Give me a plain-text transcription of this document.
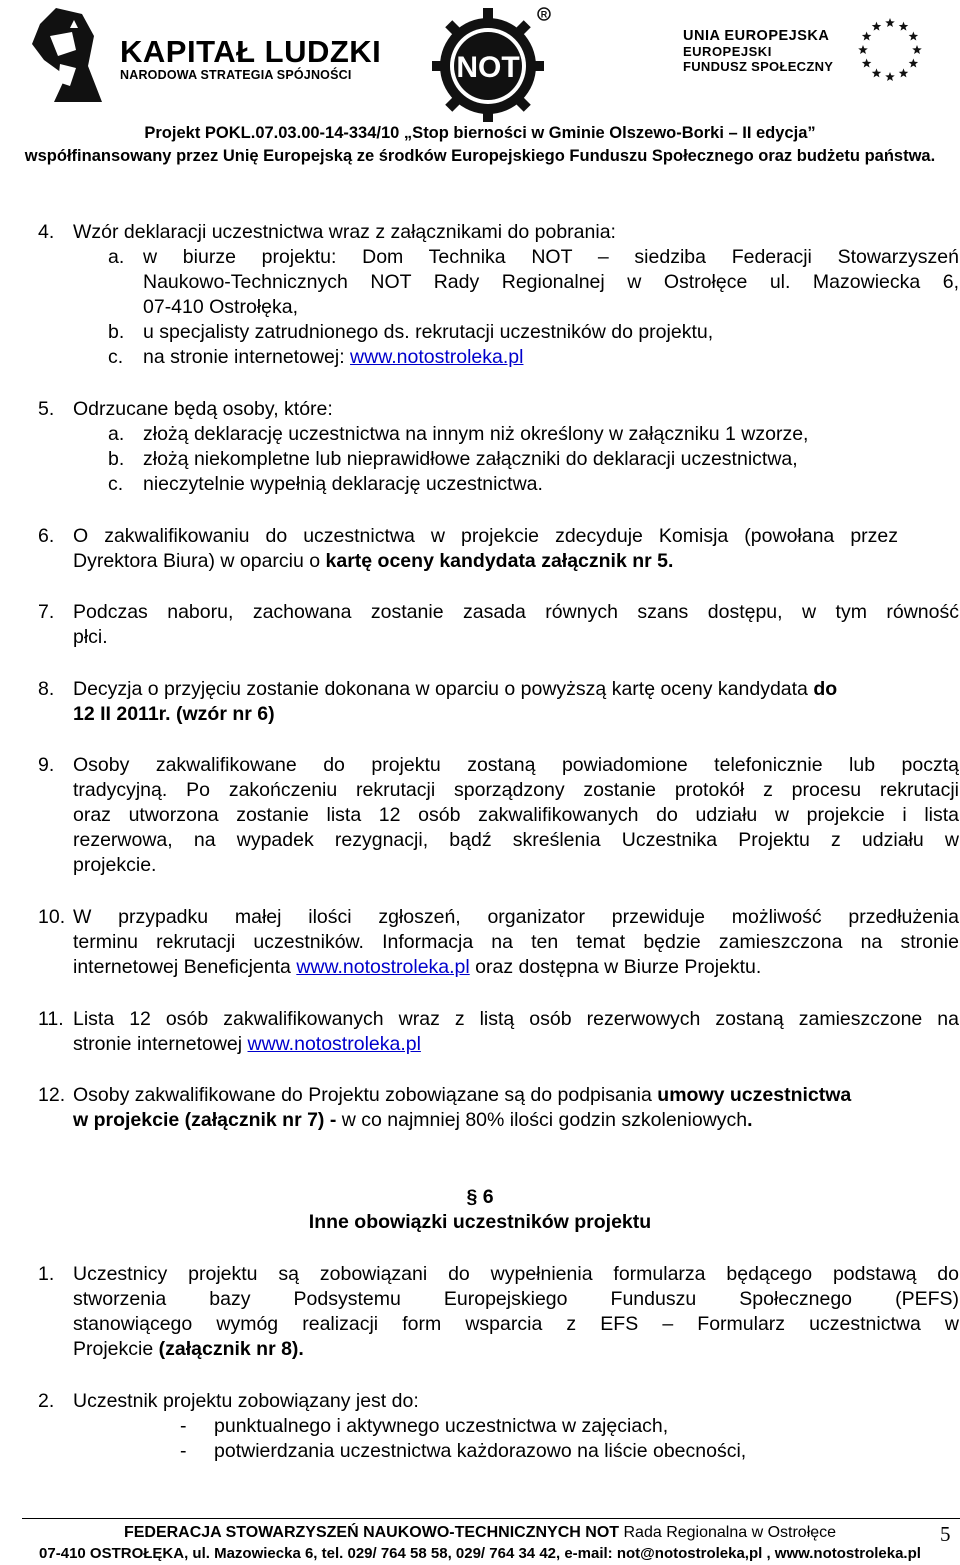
KAPITAŁ LUDZKI
NARODOWA STRATEGIA SPÓJNOŚCI	NOT
R
UNIA EUROPEJSKA
EUROPEJSKI
FUNDUSZ SPOŁECZNY
Projekt POKL.07.03.00-14-334/10 „Stop bierności w Gminie Olszewo-Borki – II edycja”
współfinansowany przez Unię Europejską ze środków Europejskiego Funduszu Społecznego oraz budżetu państwa.
4. Wzór deklaracji uczestnictwa wraz z załącznikami do pobrania:
a. w biurze projektu: Dom Technika NOT – siedziba Federacji Stowarzyszeń
Naukowo-Technicznych NOT Rady Regionalnej w Ostrołęce ul. Mazowiecka 6,
07-410 Ostrołęka,
b. u specjalisty zatrudnionego ds. rekrutacji uczestników do projektu,
c. na stronie internetowej: www.notostroleka.pl
5. Odrzucane będą osoby, które:
a. złożą deklarację uczestnictwa na innym niż określony w załączniku 1 wzorze,
b. złożą niekompletne lub nieprawidłowe załączniki do deklaracji uczestnictwa,
c. nieczytelnie wypełnią deklarację uczestnictwa.
6. O zakwalifikowaniu do uczestnictwa w projekcie zdecyduje Komisja (powołana przez
Dyrektora Biura) w oparciu o kartę oceny kandydata załącznik nr 5.
7. Podczas naboru, zachowana zostanie zasada równych szans dostępu, w tym równość
płci.
8. Decyzja o przyjęciu zostanie dokonana w oparciu o powyższą kartę oceny kandydata do
12 II 2011r. (wzór nr 6)
9. Osoby zakwalifikowane do projektu zostaną powiadomione telefonicznie lub pocztą
tradycyjną. Po zakończeniu rekrutacji sporządzony zostanie protokół z procesu rekrutacji
oraz utworzona zostanie lista 12 osób zakwalifikowanych do udziału w projekcie i lista
rezerwowa, na wypadek rezygnacji, bądź skreślenia Uczestnika Projektu z udziału w
projekcie.
10. W przypadku małej ilości zgłoszeń, organizator przewiduje możliwość przedłużenia
terminu rekrutacji uczestników. Informacja na ten temat będzie zamieszczona na stronie
internetowej Beneficjenta www.notostroleka.pl oraz dostępna w Biurze Projektu.
11. Lista 12 osób zakwalifikowanych wraz z listą osób rezerwowych zostaną zamieszczone na
stronie internetowej www.notostroleka.pl
12. Osoby zakwalifikowane do Projektu zobowiązane są do podpisania umowy uczestnictwa
w projekcie (załącznik nr 7) - w co najmniej 80% ilości godzin szkoleniowych.
§ 6
Inne obowiązki uczestników projektu
1. Uczestnicy projektu są zobowiązani do wypełnienia formularza będącego podstawą do
stworzenia bazy Podsystemu Europejskiego Funduszu Społecznego (PEFS)
stanowiącego wymóg realizacji form wsparcia z EFS – Formularz uczestnictwa w
Projekcie (załącznik nr 8).
2. Uczestnik projektu zobowiązany jest do:
- punktualnego i aktywnego uczestnictwa w zajęciach,
- potwierdzania uczestnictwa każdorazowo na liście obecności,
5
FEDERACJA STOWARZYSZEŃ NAUKOWO-TECHNICZNYCH NOT Rada Regionalna w Ostrołęce
07-410 OSTROŁĘKA, ul. Mazowiecka 6, tel. 029/ 764 58 58, 029/ 764 34 42, e-mail: not@notostroleka,pl , www.notostroleka.pl
